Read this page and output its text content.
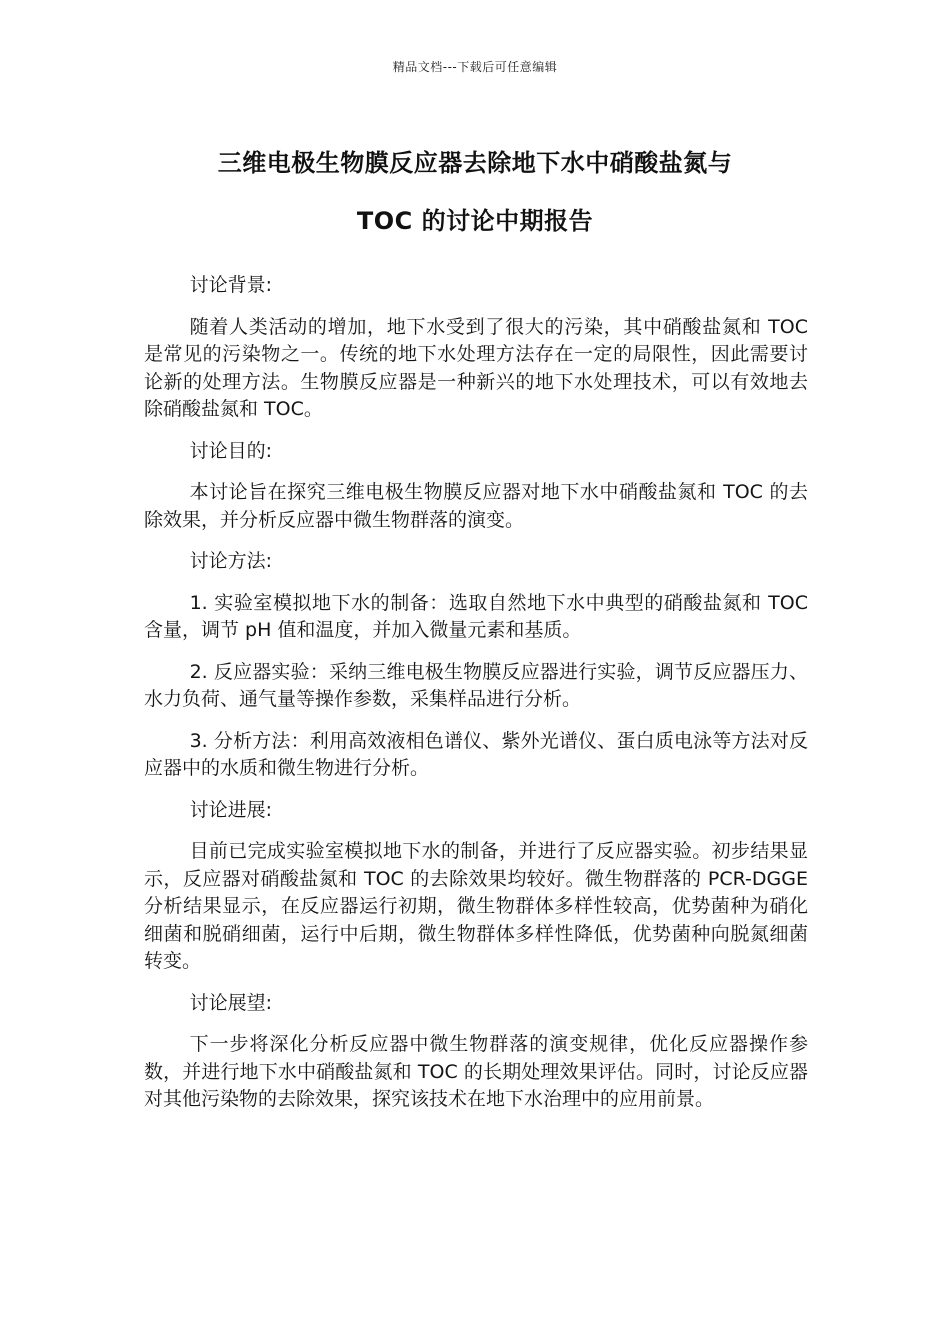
精品文档---下载后可任意编辑
三维电极生物膜反应器去除地下水中硝酸盐氮与
TOC 的讨论中期报告

讨论背景:

随着人类活动的增加，地下水受到了很大的污染，其中硝酸盐氮和 TOC 是常见的污染物之一。传统的地下水处理方法存在一定的局限性，因此需要讨论新的处理方法。生物膜反应器是一种新兴的地下水处理技术，可以有效地去除硝酸盐氮和 TOC。

讨论目的:

本讨论旨在探究三维电极生物膜反应器对地下水中硝酸盐氮和 TOC 的去除效果，并分析反应器中微生物群落的演变。

讨论方法:

1. 实验室模拟地下水的制备：选取自然地下水中典型的硝酸盐氮和 TOC 含量，调节 pH 值和温度，并加入微量元素和基质。

2. 反应器实验：采纳三维电极生物膜反应器进行实验，调节反应器压力、水力负荷、通气量等操作参数，采集样品进行分析。

3. 分析方法：利用高效液相色谱仪、紫外光谱仪、蛋白质电泳等方法对反应器中的水质和微生物进行分析。

讨论进展:

目前已完成实验室模拟地下水的制备，并进行了反应器实验。初步结果显示，反应器对硝酸盐氮和 TOC 的去除效果均较好。微生物群落的 PCR-DGGE 分析结果显示，在反应器运行初期，微生物群体多样性较高，优势菌种为硝化细菌和脱硝细菌，运行中后期，微生物群体多样性降低，优势菌种向脱氮细菌转变。

讨论展望:

下一步将深化分析反应器中微生物群落的演变规律，优化反应器操作参数，并进行地下水中硝酸盐氮和 TOC 的长期处理效果评估。同时，讨论反应器对其他污染物的去除效果，探究该技术在地下水治理中的应用前景。
